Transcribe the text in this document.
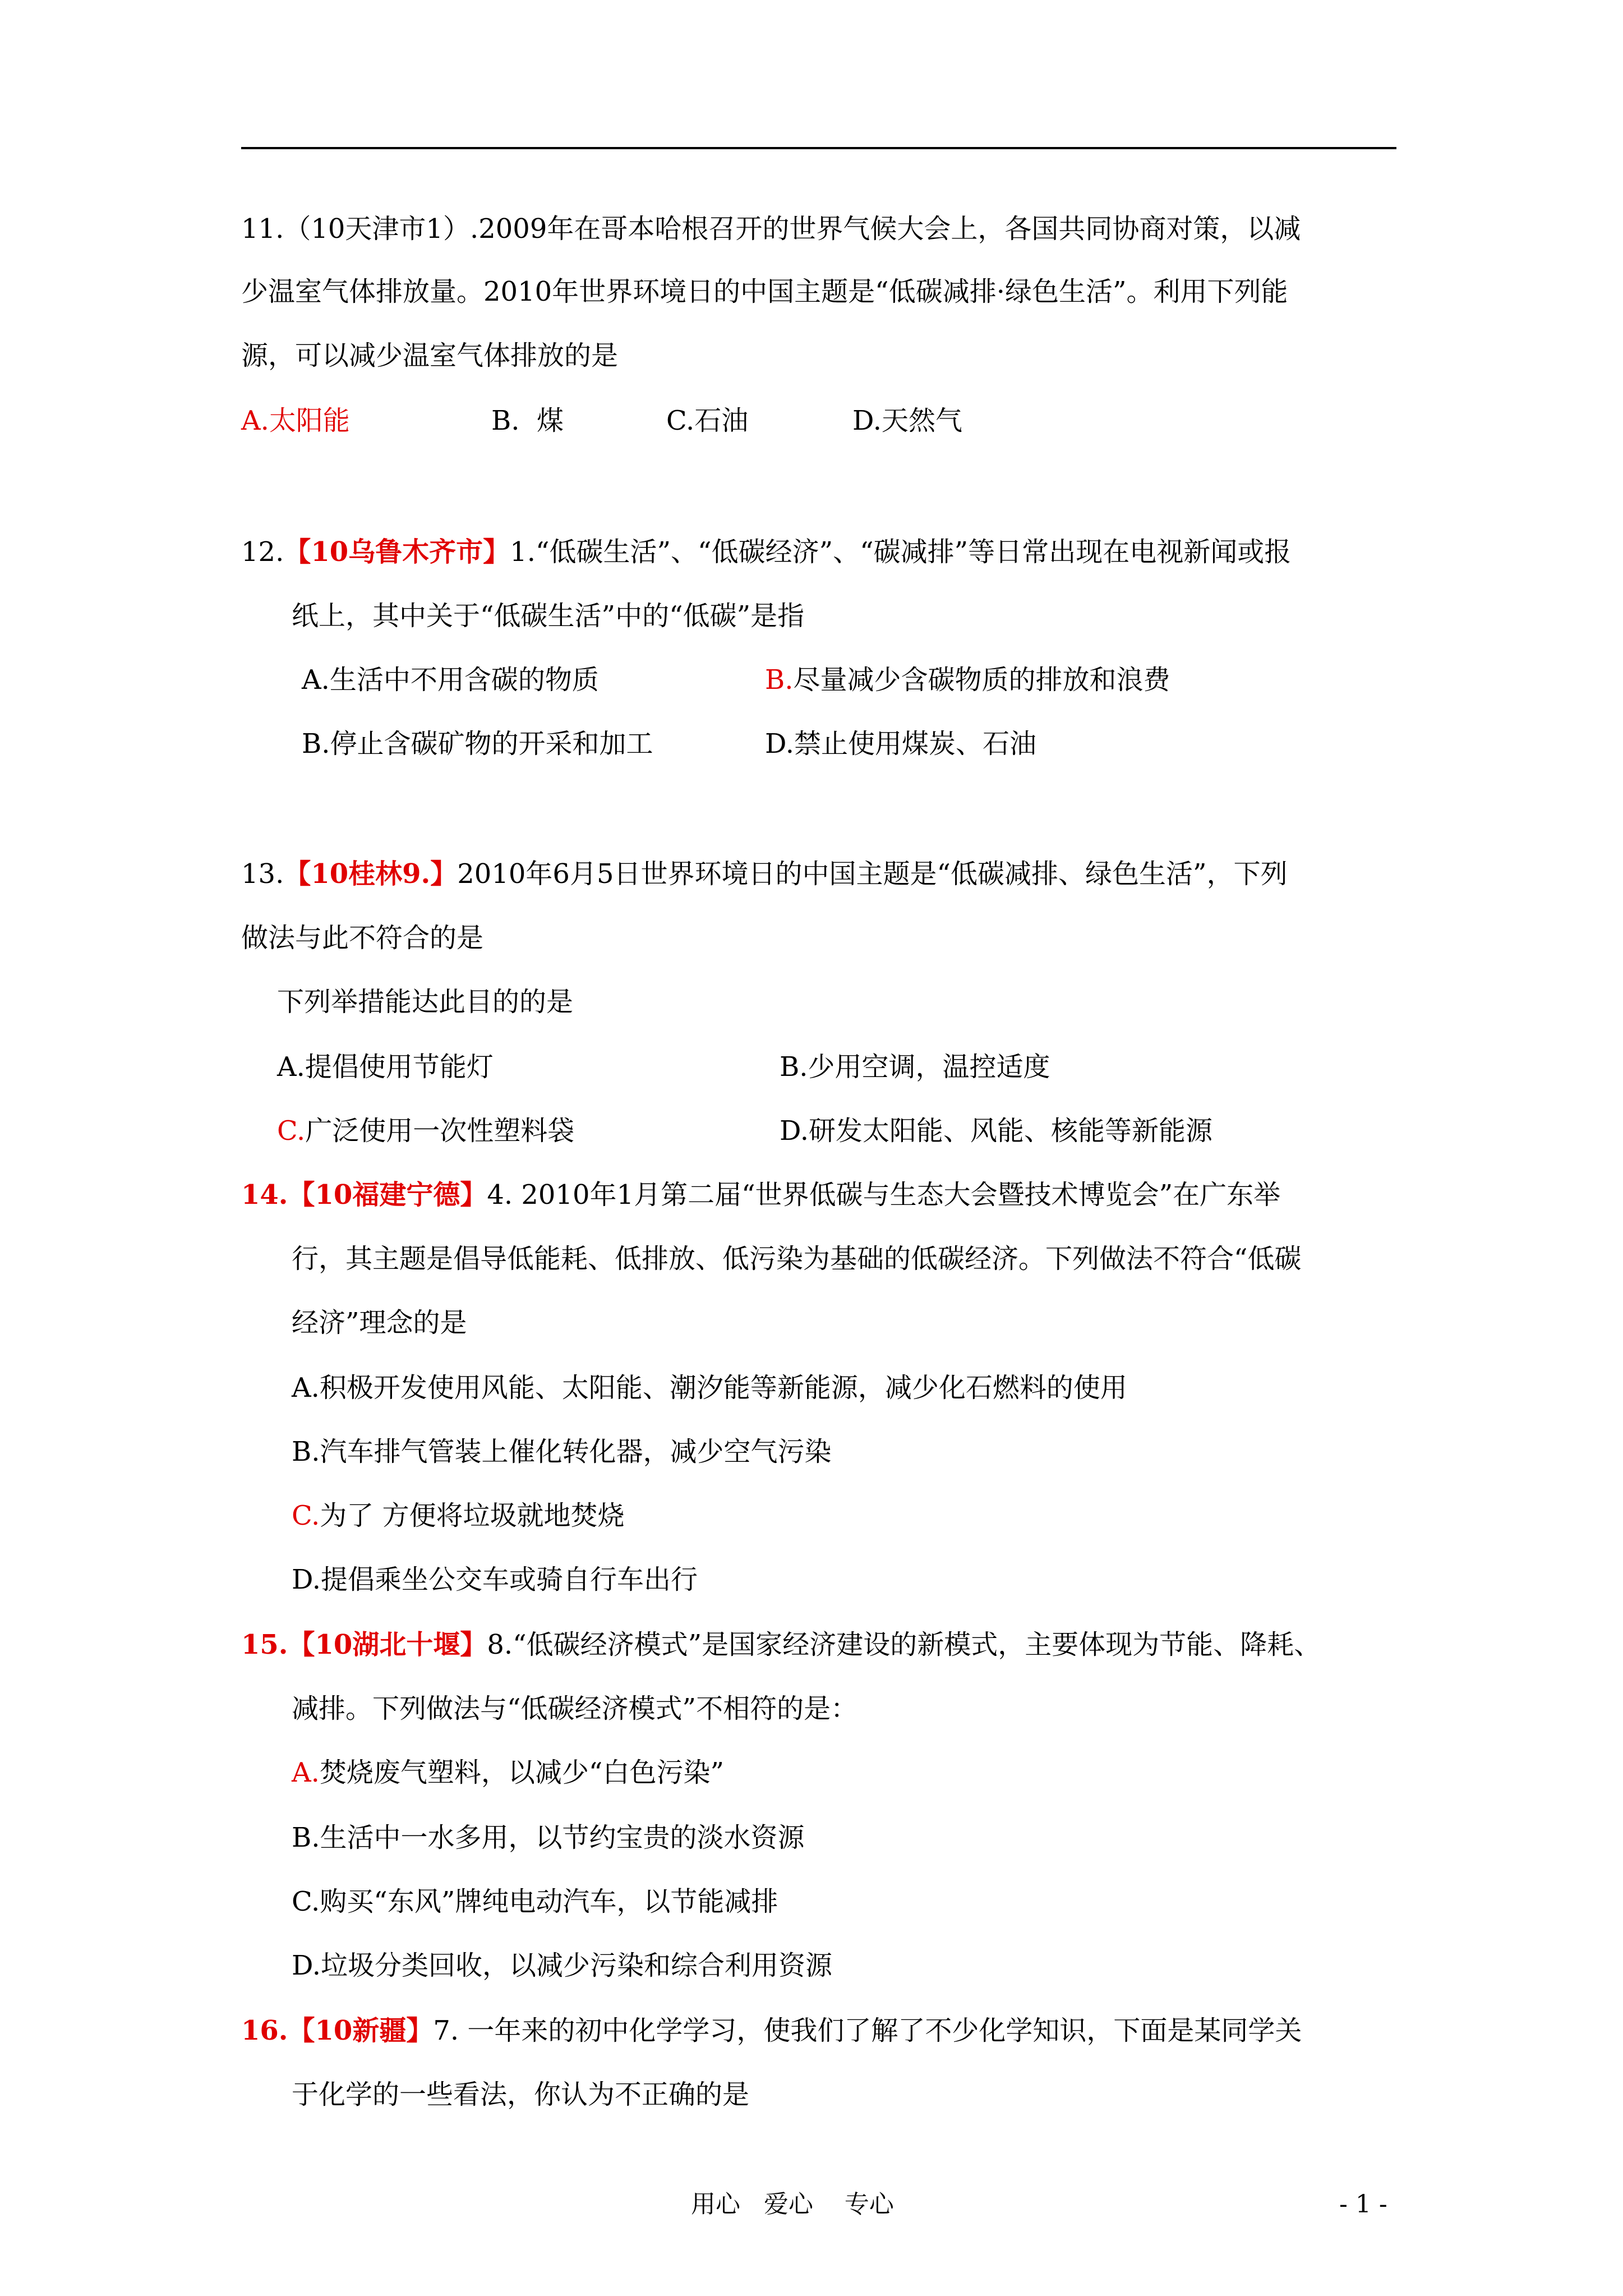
11.（10天津市1）.2009年在哥本哈根召开的世界气候大会上，各国共同协商对策，以减
少温室气体排放量。2010年世界环境日的中国主题是“低碳减排·绿色生活”。利用下列能
源，可以减少温室气体排放的是
A.太阳能	B.  煤	C.石油	D.天然气
12.【10乌鲁木齐市】1.“低碳生活”、“低碳经济”、“碳减排”等日常出现在电视新闻或报
纸上，其中关于“低碳生活”中的“低碳”是指
A.生活中不用含碳的物质	B.尽量减少含碳物质的排放和浪费
B.停止含碳矿物的开采和加工	D.禁止使用煤炭、石油
13.【10桂林9.】2010年6月5日世界环境日的中国主题是“低碳减排、绿色生活”，下列
做法与此不符合的是
下列举措能达此目的的是
A.提倡使用节能灯	B.少用空调，温控适度
C.广泛使用一次性塑料袋	D.研发太阳能、风能、核能等新能源
14.【10福建宁德】4. 2010年1月第二届“世界低碳与生态大会暨技术博览会”在广东举
行，其主题是倡导低能耗、低排放、低污染为基础的低碳经济。下列做法不符合“低碳
经济”理念的是
A.积极开发使用风能、太阳能、潮汐能等新能源，减少化石燃料的使用
B.汽车排气管装上催化转化器，减少空气污染
C.为了 方便将垃圾就地焚烧
D.提倡乘坐公交车或骑自行车出行
15.【10湖北十堰】8.“低碳经济模式”是国家经济建设的新模式，主要体现为节能、降耗、
减排。下列做法与“低碳经济模式”不相符的是：
A.焚烧废气塑料，以减少“白色污染”
B.生活中一水多用，以节约宝贵的淡水资源
C.购买“东风”牌纯电动汽车，以节能减排
D.垃圾分类回收，以减少污染和综合利用资源
16.【10新疆】7. 一年来的初中化学学习，使我们了解了不少化学知识，下面是某同学关
于化学的一些看法，你认为不正确的是
用心   爱心    专心	- 1 -
